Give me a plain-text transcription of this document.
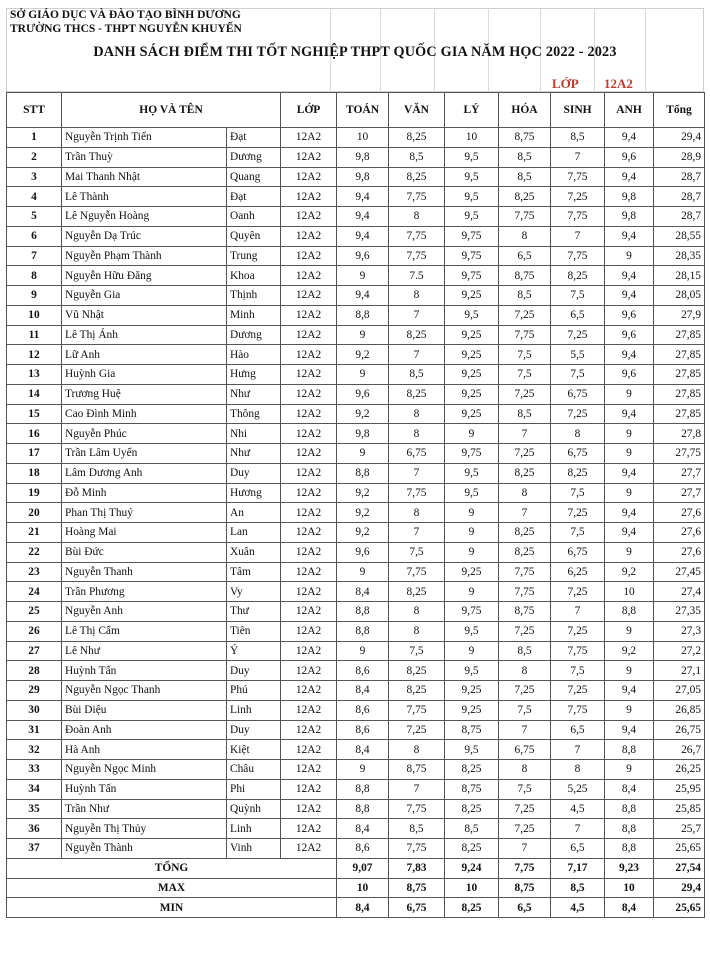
SỞ GIÁO DỤC VÀ ĐÀO TẠO BÌNH DƯƠNG
TRƯỜNG THCS - THPT NGUYỄN KHUYẾN
DANH SÁCH ĐIỂM THI TỐT NGHIỆP THPT QUỐC GIA NĂM HỌC 2022 - 2023
LỚP 12A2
STT	HỌ VÀ TÊN		LỚP	TOÁN	VĂN	LÝ	HÓA	SINH	ANH	Tổng
1	Nguyễn Trịnh Tiến	Đạt	12A2	10	8,25	10	8,75	8,5	9,4	29,4
2	Trần Thuỳ	Dương	12A2	9,8	8,5	9,5	8,5	7	9,6	28,9
3	Mai Thanh Nhật	Quang	12A2	9,8	8,25	9,5	8,5	7,75	9,4	28,7
4	Lê Thành	Đạt	12A2	9,4	7,75	9,5	8,25	7,25	9,8	28,7
5	Lê Nguyễn Hoàng	Oanh	12A2	9,4	8	9,5	7,75	7,75	9,8	28,7
6	Nguyễn Dạ Trúc	Quyên	12A2	9,4	7,75	9,75	8	7	9,4	28,55
7	Nguyễn Phạm Thành	Trung	12A2	9,6	7,75	9,75	6,5	7,75	9	28,35
8	Nguyễn Hữu Đăng	Khoa	12A2	9	7.5	9,75	8,75	8,25	9,4	28,15
9	Nguyễn Gia	Thịnh	12A2	9,4	8	9,25	8,5	7,5	9,4	28,05
10	Vũ Nhật	Minh	12A2	8,8	7	9,5	7,25	6,5	9,6	27,9
11	Lê Thị Ánh	Dương	12A2	9	8,25	9,25	7,75	7,25	9,6	27,85
12	Lữ Anh	Hào	12A2	9,2	7	9,25	7,5	5,5	9,4	27,85
13	Huỳnh Gia	Hưng	12A2	9	8,5	9,25	7,5	7,5	9,6	27,85
14	Trương Huệ	Như	12A2	9,6	8,25	9,25	7,25	6,75	9	27,85
15	Cao Đình Minh	Thông	12A2	9,2	8	9,25	8,5	7,25	9,4	27,85
16	Nguyễn Phúc	Nhi	12A2	9,8	8	9	7	8	9	27,8
17	Trần Lâm Uyển	Như	12A2	9	6,75	9,75	7,25	6,75	9	27,75
18	Lâm Dương Anh	Duy	12A2	8,8	7	9,5	8,25	8,25	9,4	27,7
19	Đỗ Minh	Hương	12A2	9,2	7,75	9,5	8	7,5	9	27,7
20	Phan Thị Thuý	An	12A2	9,2	8	9	7	7,25	9,4	27,6
21	Hoàng Mai	Lan	12A2	9,2	7	9	8,25	7,5	9,4	27,6
22	Bùi Đức	Xuân	12A2	9,6	7,5	9	8,25	6,75	9	27,6
23	Nguyễn Thanh	Tâm	12A2	9	7,75	9,25	7,75	6,25	9,2	27,45
24	Trần Phương	Vy	12A2	8,4	8,25	9	7,75	7,25	10	27,4
25	Nguyễn Anh	Thư	12A2	8,8	8	9,75	8,75	7	8,8	27,35
26	Lê Thị Cẩm	Tiên	12A2	8,8	8	9,5	7,25	7,25	9	27,3
27	Lê Như	Ý	12A2	9	7,5	9	8,5	7,75	9,2	27,2
28	Huỳnh Tấn	Duy	12A2	8,6	8,25	9,5	8	7,5	9	27,1
29	Nguyễn Ngọc Thanh	Phú	12A2	8,4	8,25	9,25	7,25	7,25	9,4	27,05
30	Bùi Diệu	Linh	12A2	8,6	7,75	9,25	7,5	7,75	9	26,85
31	Đoàn Anh	Duy	12A2	8,6	7,25	8,75	7	6,5	9,4	26,75
32	Hà Anh	Kiệt	12A2	8,4	8	9,5	6,75	7	8,8	26,7
33	Nguyễn Ngọc Minh	Châu	12A2	9	8,75	8,25	8	8	9	26,25
34	Huỳnh Tấn	Phi	12A2	8,8	7	8,75	7,5	5,25	8,4	25,95
35	Trần Như	Quỳnh	12A2	8,8	7,75	8,25	7,25	4,5	8,8	25,85
36	Nguyễn Thị Thủy	Linh	12A2	8,4	8,5	8,5	7,25	7	8,8	25,7
37	Nguyễn Thành	Vinh	12A2	8,6	7,75	8,25	7	6,5	8,8	25,65
TỔNG				9,07	7,83	9,24	7,75	7,17	9,23	27,54
MAX				10	8,75	10	8,75	8,5	10	29,4
MIN				8,4	6,75	8,25	6,5	4,5	8,4	25,65
